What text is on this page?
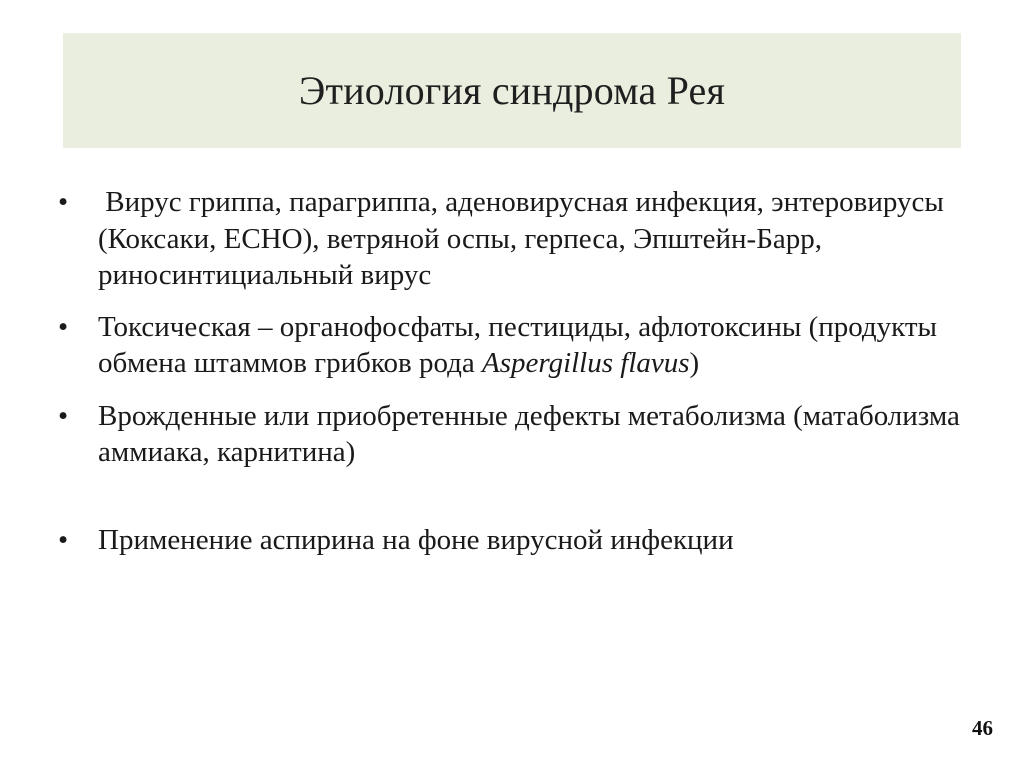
Этиология синдрома Рея
•	Вирус гриппа, парагриппа, аденовирусная инфекция, энтеровирусы (Коксаки, ЕСНО), ветряной оспы, герпеса, Эпштейн-Барр, риносинтициальный вирус
•	Токсическая – органофосфаты, пестициды, афлотоксины (продукты обмена штаммов грибков рода Aspergillus flavus)
•	Врожденные или приобретенные дефекты метаболизма (матаболизма аммиака, карнитина)
•	Применение аспирина на фоне вирусной инфекции
46
